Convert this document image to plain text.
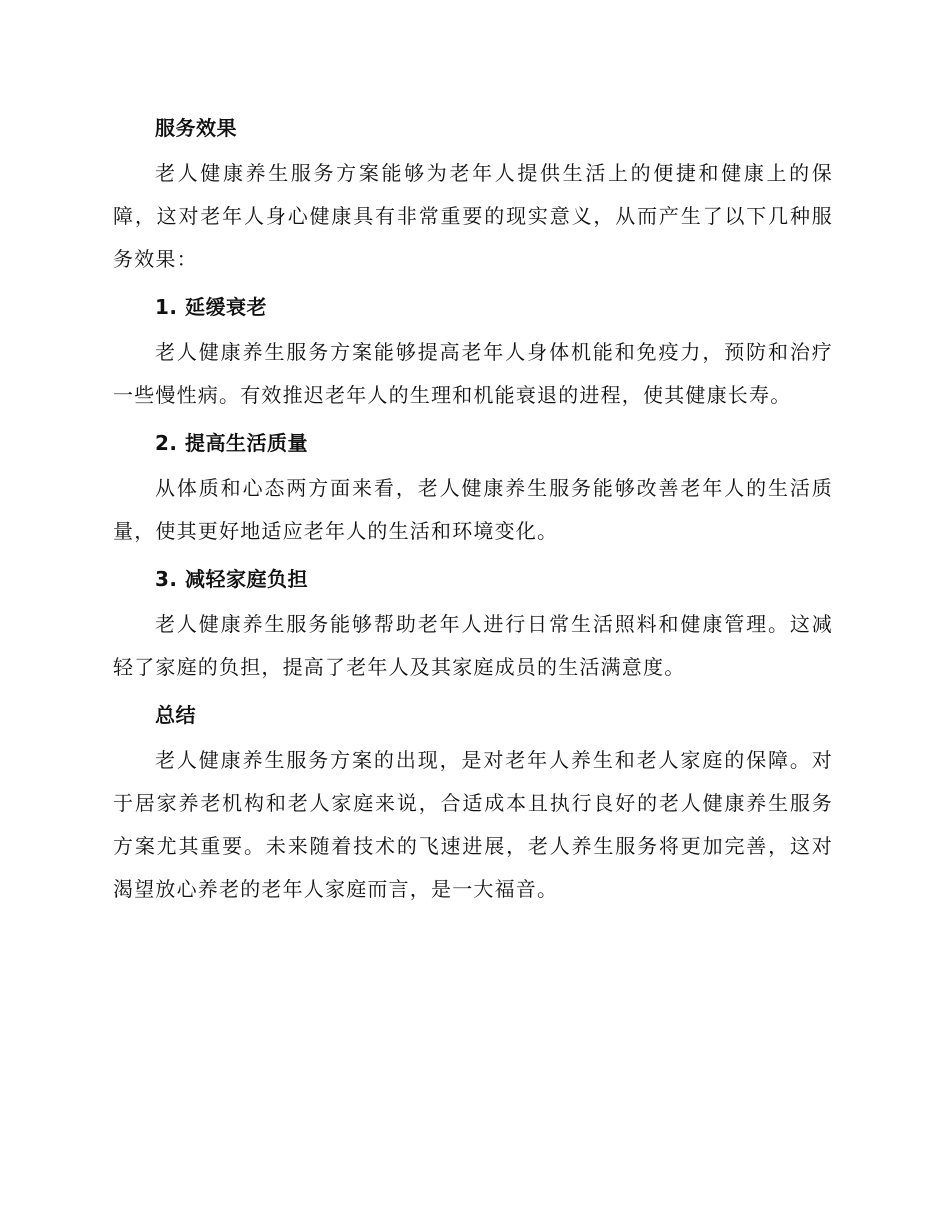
服务效果

老人健康养生服务方案能够为老年人提供生活上的便捷和健康上的保障，这对老年人身心健康具有非常重要的现实意义，从而产生了以下几种服务效果：

1. 延缓衰老

老人健康养生服务方案能够提高老年人身体机能和免疫力，预防和治疗一些慢性病。有效推迟老年人的生理和机能衰退的进程，使其健康长寿。

2. 提高生活质量

从体质和心态两方面来看，老人健康养生服务能够改善老年人的生活质量，使其更好地适应老年人的生活和环境变化。

3. 减轻家庭负担

老人健康养生服务能够帮助老年人进行日常生活照料和健康管理。这减轻了家庭的负担，提高了老年人及其家庭成员的生活满意度。

总结

老人健康养生服务方案的出现，是对老年人养生和老人家庭的保障。对于居家养老机构和老人家庭来说，合适成本且执行良好的老人健康养生服务方案尤其重要。未来随着技术的飞速进展，老人养生服务将更加完善，这对渴望放心养老的老年人家庭而言，是一大福音。
